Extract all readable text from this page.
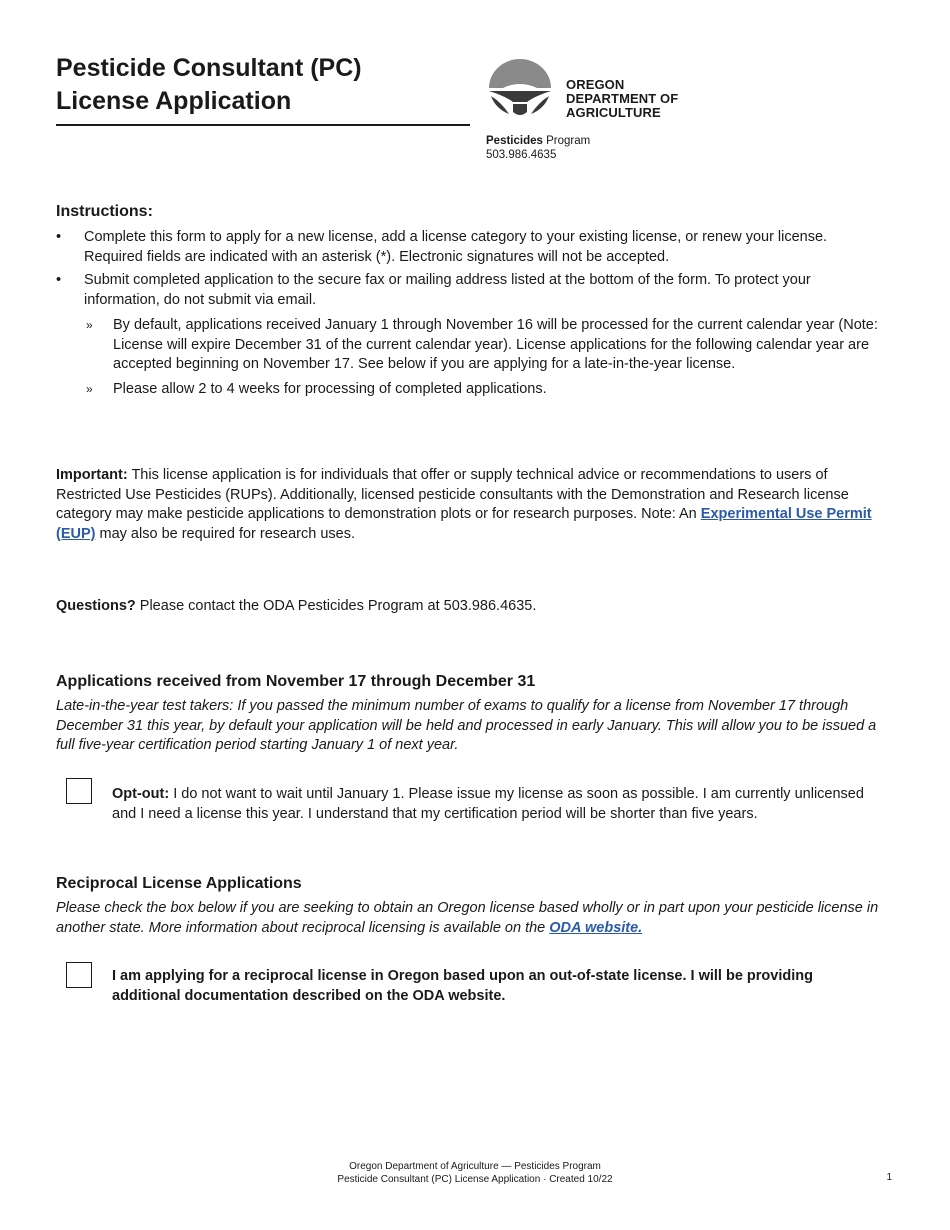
Pesticide Consultant (PC)
License Application
OREGON
DEPARTMENT OF
AGRICULTURE
Pesticides Program
503.986.4635
Instructions:
• Complete this form to apply for a new license, add a license category to your existing license, or renew your license. Required fields are indicated with an asterisk (*). Electronic signatures will not be accepted.
• Submit completed application to the secure fax or mailing address listed at the bottom of the form. To protect your information, do not submit via email.
» By default, applications received January 1 through November 16 will be processed for the current calendar year (Note: License will expire December 31 of the current calendar year). License applications for the following calendar year are accepted beginning on November 17. See below if you are applying for a late-in-the-year license.
» Please allow 2 to 4 weeks for processing of completed applications.

Important: This license application is for individuals that offer or supply technical advice or recommendations to users of Restricted Use Pesticides (RUPs). Additionally, licensed pesticide consultants with the Demonstration and Research license category may make pesticide applications to demonstration plots or for research purposes. Note: An Experimental Use Permit (EUP) may also be required for research uses.

Questions? Please contact the ODA Pesticides Program at 503.986.4635.

Applications received from November 17 through December 31

Late-in-the-year test takers: If you passed the minimum number of exams to qualify for a license from November 17 through December 31 this year, by default your application will be held and processed in early January. This will allow you to be issued a full five-year certification period starting January 1 of next year.

Opt-out: I do not want to wait until January 1. Please issue my license as soon as possible. I am currently unlicensed and I need a license this year. I understand that my certification period will be shorter than five years.

Reciprocal License Applications

Please check the box below if you are seeking to obtain an Oregon license based wholly or in part upon your pesticide license in another state. More information about reciprocal licensing is available on the ODA website.

I am applying for a reciprocal license in Oregon based upon an out-of-state license. I will be providing additional documentation described on the ODA website.

Oregon Department of Agriculture — Pesticides Program
Pesticide Consultant (PC) License Application · Created 10/22	1
